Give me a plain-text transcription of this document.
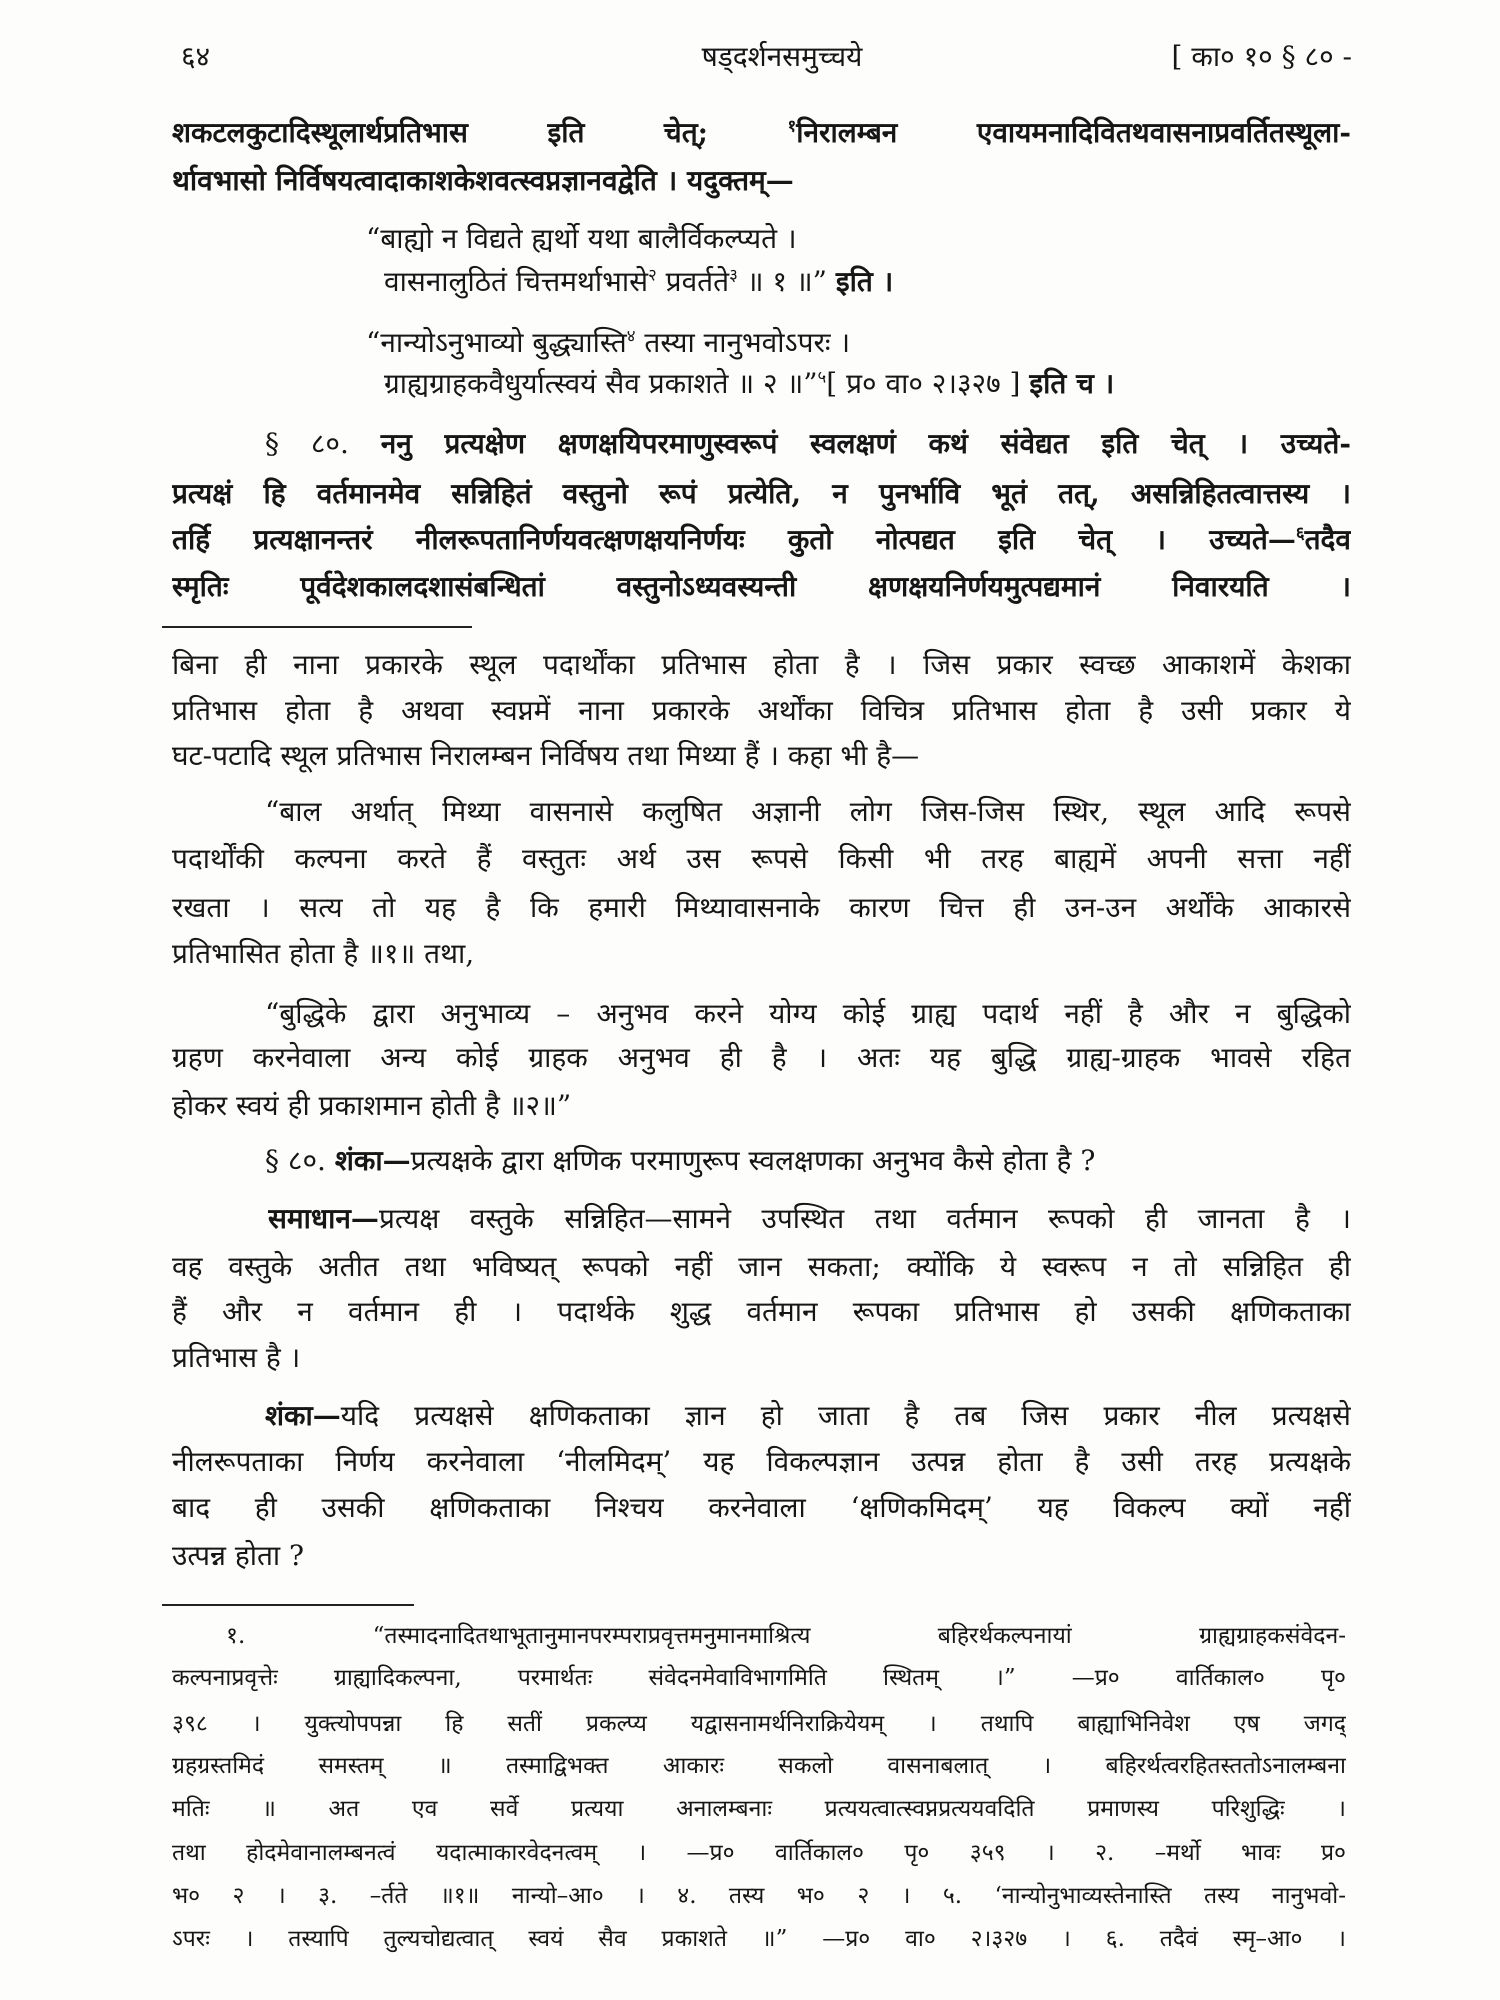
६४	षड्दर्शनसमुच्चये	[ का० १० § ८० -
शकटलकुटादिस्थूलार्थप्रतिभास इति चेत्; $^१$निरालम्बन एवायमनादिवितथवासनाप्रवर्तितस्थूला-
र्थावभासो निर्विषयत्वादाकाशकेशवत्स्वप्नज्ञानवद्वेति । यदुक्तम्—
“बाह्यो न विद्यते ह्यर्थो यथा बालैर्विकल्प्यते ।
वासनालुठितं चित्तमर्थाभासे$^२$ प्रवर्तते$^३$ ॥ १ ॥” इति ।
“नान्योऽनुभाव्यो बुद्ध्यास्ति$^४$ तस्या नानुभवोऽपरः ।
ग्राह्यग्राहकवैधुर्यात्स्वयं सैव प्रकाशते ॥ २ ॥”$^५$[ प्र० वा० २।३२७ ] इति च ।
§ ८०. ननु प्रत्यक्षेण क्षणक्षयिपरमाणुस्वरूपं स्वलक्षणं कथं संवेद्यत इति चेत् । उच्यते-
प्रत्यक्षं हि वर्तमानमेव सन्निहितं वस्तुनो रूपं प्रत्येति, न पुनर्भावि भूतं तत्, असन्निहितत्वात्तस्य ।
तर्हि प्रत्यक्षानन्तरं नीलरूपतानिर्णयवत्क्षणक्षयनिर्णयः कुतो नोत्पद्यत इति चेत् । उच्यते—$^६$तदैव
स्मृतिः पूर्वदेशकालदशासंबन्धितां वस्तुनोऽध्यवस्यन्ती क्षणक्षयनिर्णयमुत्पद्यमानं निवारयति ।
बिना ही नाना प्रकारके स्थूल पदार्थोंका प्रतिभास होता है । जिस प्रकार स्वच्छ आकाशमें केशका
प्रतिभास होता है अथवा स्वप्नमें नाना प्रकारके अर्थोंका विचित्र प्रतिभास होता है उसी प्रकार ये
घट-पटादि स्थूल प्रतिभास निरालम्बन निर्विषय तथा मिथ्या हैं । कहा भी है—
“बाल अर्थात् मिथ्या वासनासे कलुषित अज्ञानी लोग जिस-जिस स्थिर, स्थूल आदि रूपसे
पदार्थोंकी कल्पना करते हैं वस्तुतः अर्थ उस रूपसे किसी भी तरह बाह्यमें अपनी सत्ता नहीं
रखता । सत्य तो यह है कि हमारी मिथ्यावासनाके कारण चित्त ही उन-उन अर्थोंके आकारसे
प्रतिभासित होता है ॥१॥ तथा,
“बुद्धिके द्वारा अनुभाव्य – अनुभव करने योग्य कोई ग्राह्य पदार्थ नहीं है और न बुद्धिको
ग्रहण करनेवाला अन्य कोई ग्राहक अनुभव ही है । अतः यह बुद्धि ग्राह्य-ग्राहक भावसे रहित
होकर स्वयं ही प्रकाशमान होती है ॥२॥”
§ ८०. शंका—प्रत्यक्षके द्वारा क्षणिक परमाणुरूप स्वलक्षणका अनुभव कैसे होता है ?
समाधान—प्रत्यक्ष वस्तुके सन्निहित—सामने उपस्थित तथा वर्तमान रूपको ही जानता है ।
वह वस्तुके अतीत तथा भविष्यत् रूपको नहीं जान सकता; क्योंकि ये स्वरूप न तो सन्निहित ही
हैं और न वर्तमान ही । पदार्थके शुद्ध वर्तमान रूपका प्रतिभास हो उसकी क्षणिकताका
प्रतिभास है ।
शंका—यदि प्रत्यक्षसे क्षणिकताका ज्ञान हो जाता है तब जिस प्रकार नील प्रत्यक्षसे
नीलरूपताका निर्णय करनेवाला ‘नीलमिदम्’ यह विकल्पज्ञान उत्पन्न होता है उसी तरह प्रत्यक्षके
बाद ही उसकी क्षणिकताका निश्चय करनेवाला ‘क्षणिकमिदम्’ यह विकल्प क्यों नहीं
उत्पन्न होता ?
१. “तस्मादनादितथाभूतानुमानपरम्पराप्रवृत्तमनुमानमाश्रित्य बहिरर्थकल्पनायां ग्राह्यग्राहकसंवेदन-
कल्पनाप्रवृत्तेः ग्राह्यादिकल्पना, परमार्थतः संवेदनमेवाविभागमिति स्थितम् ।” —प्र० वार्तिकाल० पृ०
३९८ । युक्त्योपपन्ना हि सतीं प्रकल्प्य यद्वासनामर्थनिराक्रियेयम् । तथापि बाह्याभिनिवेश एष जगद्
ग्रहग्रस्तमिदं समस्तम् ॥ तस्माद्विभक्त आकारः सकलो वासनाबलात् । बहिरर्थत्वरहितस्ततोऽनालम्बना
मतिः ॥ अत एव सर्वे प्रत्यया अनालम्बनाः प्रत्ययत्वात्स्वप्नप्रत्ययवदिति प्रमाणस्य परिशुद्धिः ।
तथा होदमेवानालम्बनत्वं यदात्माकारवेदनत्वम् । —प्र० वार्तिकाल० पृ० ३५९ । २. –मर्थो भावः प्र०
भ० २ । ३. –र्तते ॥१॥ नान्यो–आ० । ४. तस्य भ० २ । ५. ‘नान्योनुभाव्यस्तेनास्ति तस्य नानुभवो-
ऽपरः । तस्यापि तुल्यचोद्यत्वात् स्वयं सैव प्रकाशते ॥” —प्र० वा० २।३२७ । ६. तदैवं स्मृ–आ० ।
